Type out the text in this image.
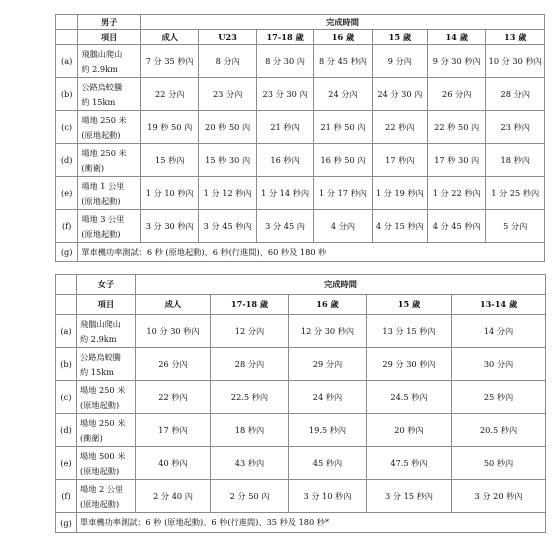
	男子	完成時間						
	項目	成人	U23	17-18 歲	16 歲	15 歲	14 歲	13 歲
(a)	飛鵝山爬山
約 2.9km	7 分 35 秒內	8 分內	8 分 30 內	8 分 45 秒內	9 分內	9 分 30 秒內	10 分 30 秒內
(b)	公路烏蛟騰
約 15km	22 分內	23 分內	23 分 30 內	24 分內	24 分 30 內	26 分內	28 分內
(c)	場地 250 米
(原地起動)	19 秒 50 內	20 秒 50 內	21 秒內	21 秒 50 內	22 秒內	22 秒 50 內	23 秒內
(d)	場地 250 米
(衝衛)	15 秒內	15 秒 30 內	16 秒內	16 秒 50 內	17 秒內	17 秒 30 內	18 秒內
(e)	場地 1 公里
(原地起動)	1 分 10 秒內	1 分 12 秒內	1 分 14 秒內	1 分 17 秒內	1 分 19 秒內	1 分 22 秒內	1 分 25 秒內
(f)	場地 3 公里
(原地起動)	3 分 30 秒內	3 分 45 秒內	3 分 45 內	4 分內	4 分 15 秒內	4 分 45 秒內	5 分內
(g)	單車機功率測試：6 秒 (原地起動)、6 秒(行進間)、60 秒及 180 秒							
	女子	完成時間				
	項目	成人	17-18 歲	16 歲	15 歲	13-14 歲
(a)	飛鵝山爬山
約 2.9km	10 分 30 秒內	12 分內	12 分 30 秒內	13 分 15 秒內	14 分內
(b)	公路烏蛟騰
約 15km	26 分內	28 分內	29 分內	29 分 30 秒內	30 分內
(c)	場地 250 米
(原地起動)	22 秒內	22.5 秒內	24 秒內	24.5 秒內	25 秒內
(d)	場地 250 米
(衝衛)	17 秒內	18 秒內	19.5 秒內	20 秒內	20.5 秒內
(e)	場地 500 米
(原地起動)	40 秒內	43 秒內	45 秒內	47.5 秒內	50 秒內
(f)	場地 2 公里
(原地起動)	2 分 40 內	2 分 50 內	3 分 10 秒內	3 分 15 秒內	3 分 20 秒內
(g)	單車機功率測試：6 秒 (原地起動)、6 秒(行進間)、35 秒及 180 秒*					
